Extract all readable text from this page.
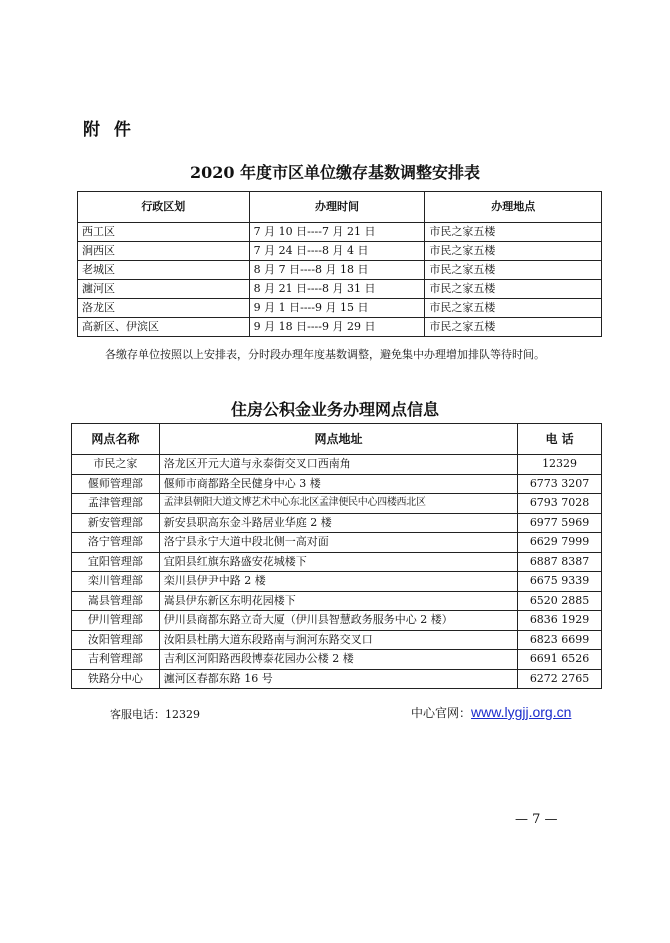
附 件
2020 年度市区单位缴存基数调整安排表
行政区划	办理时间	办理地点
西工区	7 月 10 日----7 月 21 日	市民之家五楼
涧西区	7 月 24 日----8 月 4 日	市民之家五楼
老城区	8 月 7 日----8 月 18 日	市民之家五楼
瀍河区	8 月 21 日----8 月 31 日	市民之家五楼
洛龙区	9 月 1 日----9 月 15 日	市民之家五楼
高新区、伊滨区	9 月 18 日----9 月 29 日	市民之家五楼
各缴存单位按照以上安排表，分时段办理年度基数调整，避免集中办理增加排队等待时间。
住房公积金业务办理网点信息
网点名称	网点地址	电 话
市民之家	洛龙区开元大道与永泰街交叉口西南角	12329
偃师管理部	偃师市商都路全民健身中心 3 楼	6773 3207
孟津管理部	孟津县朝阳大道文博艺术中心东北区孟津便民中心四楼西北区	6793 7028
新安管理部	新安县职高东金斗路居业华庭 2 楼	6977 5969
洛宁管理部	洛宁县永宁大道中段北侧一高对面	6629 7999
宜阳管理部	宜阳县红旗东路盛安花城楼下	6887 8387
栾川管理部	栾川县伊尹中路 2 楼	6675 9339
嵩县管理部	嵩县伊东新区东明花园楼下	6520 2885
伊川管理部	伊川县商都东路立奇大厦（伊川县智慧政务服务中心 2 楼）	6836 1929
汝阳管理部	汝阳县杜鹃大道东段路南与涧河东路交叉口	6823 6699
吉利管理部	吉利区河阳路西段博泰花园办公楼 2 楼	6691 6526
铁路分中心	瀍河区春都东路 16 号	6272 2765
客服电话：12329	中心官网：www.lygjj.org.cn
— 7 —
